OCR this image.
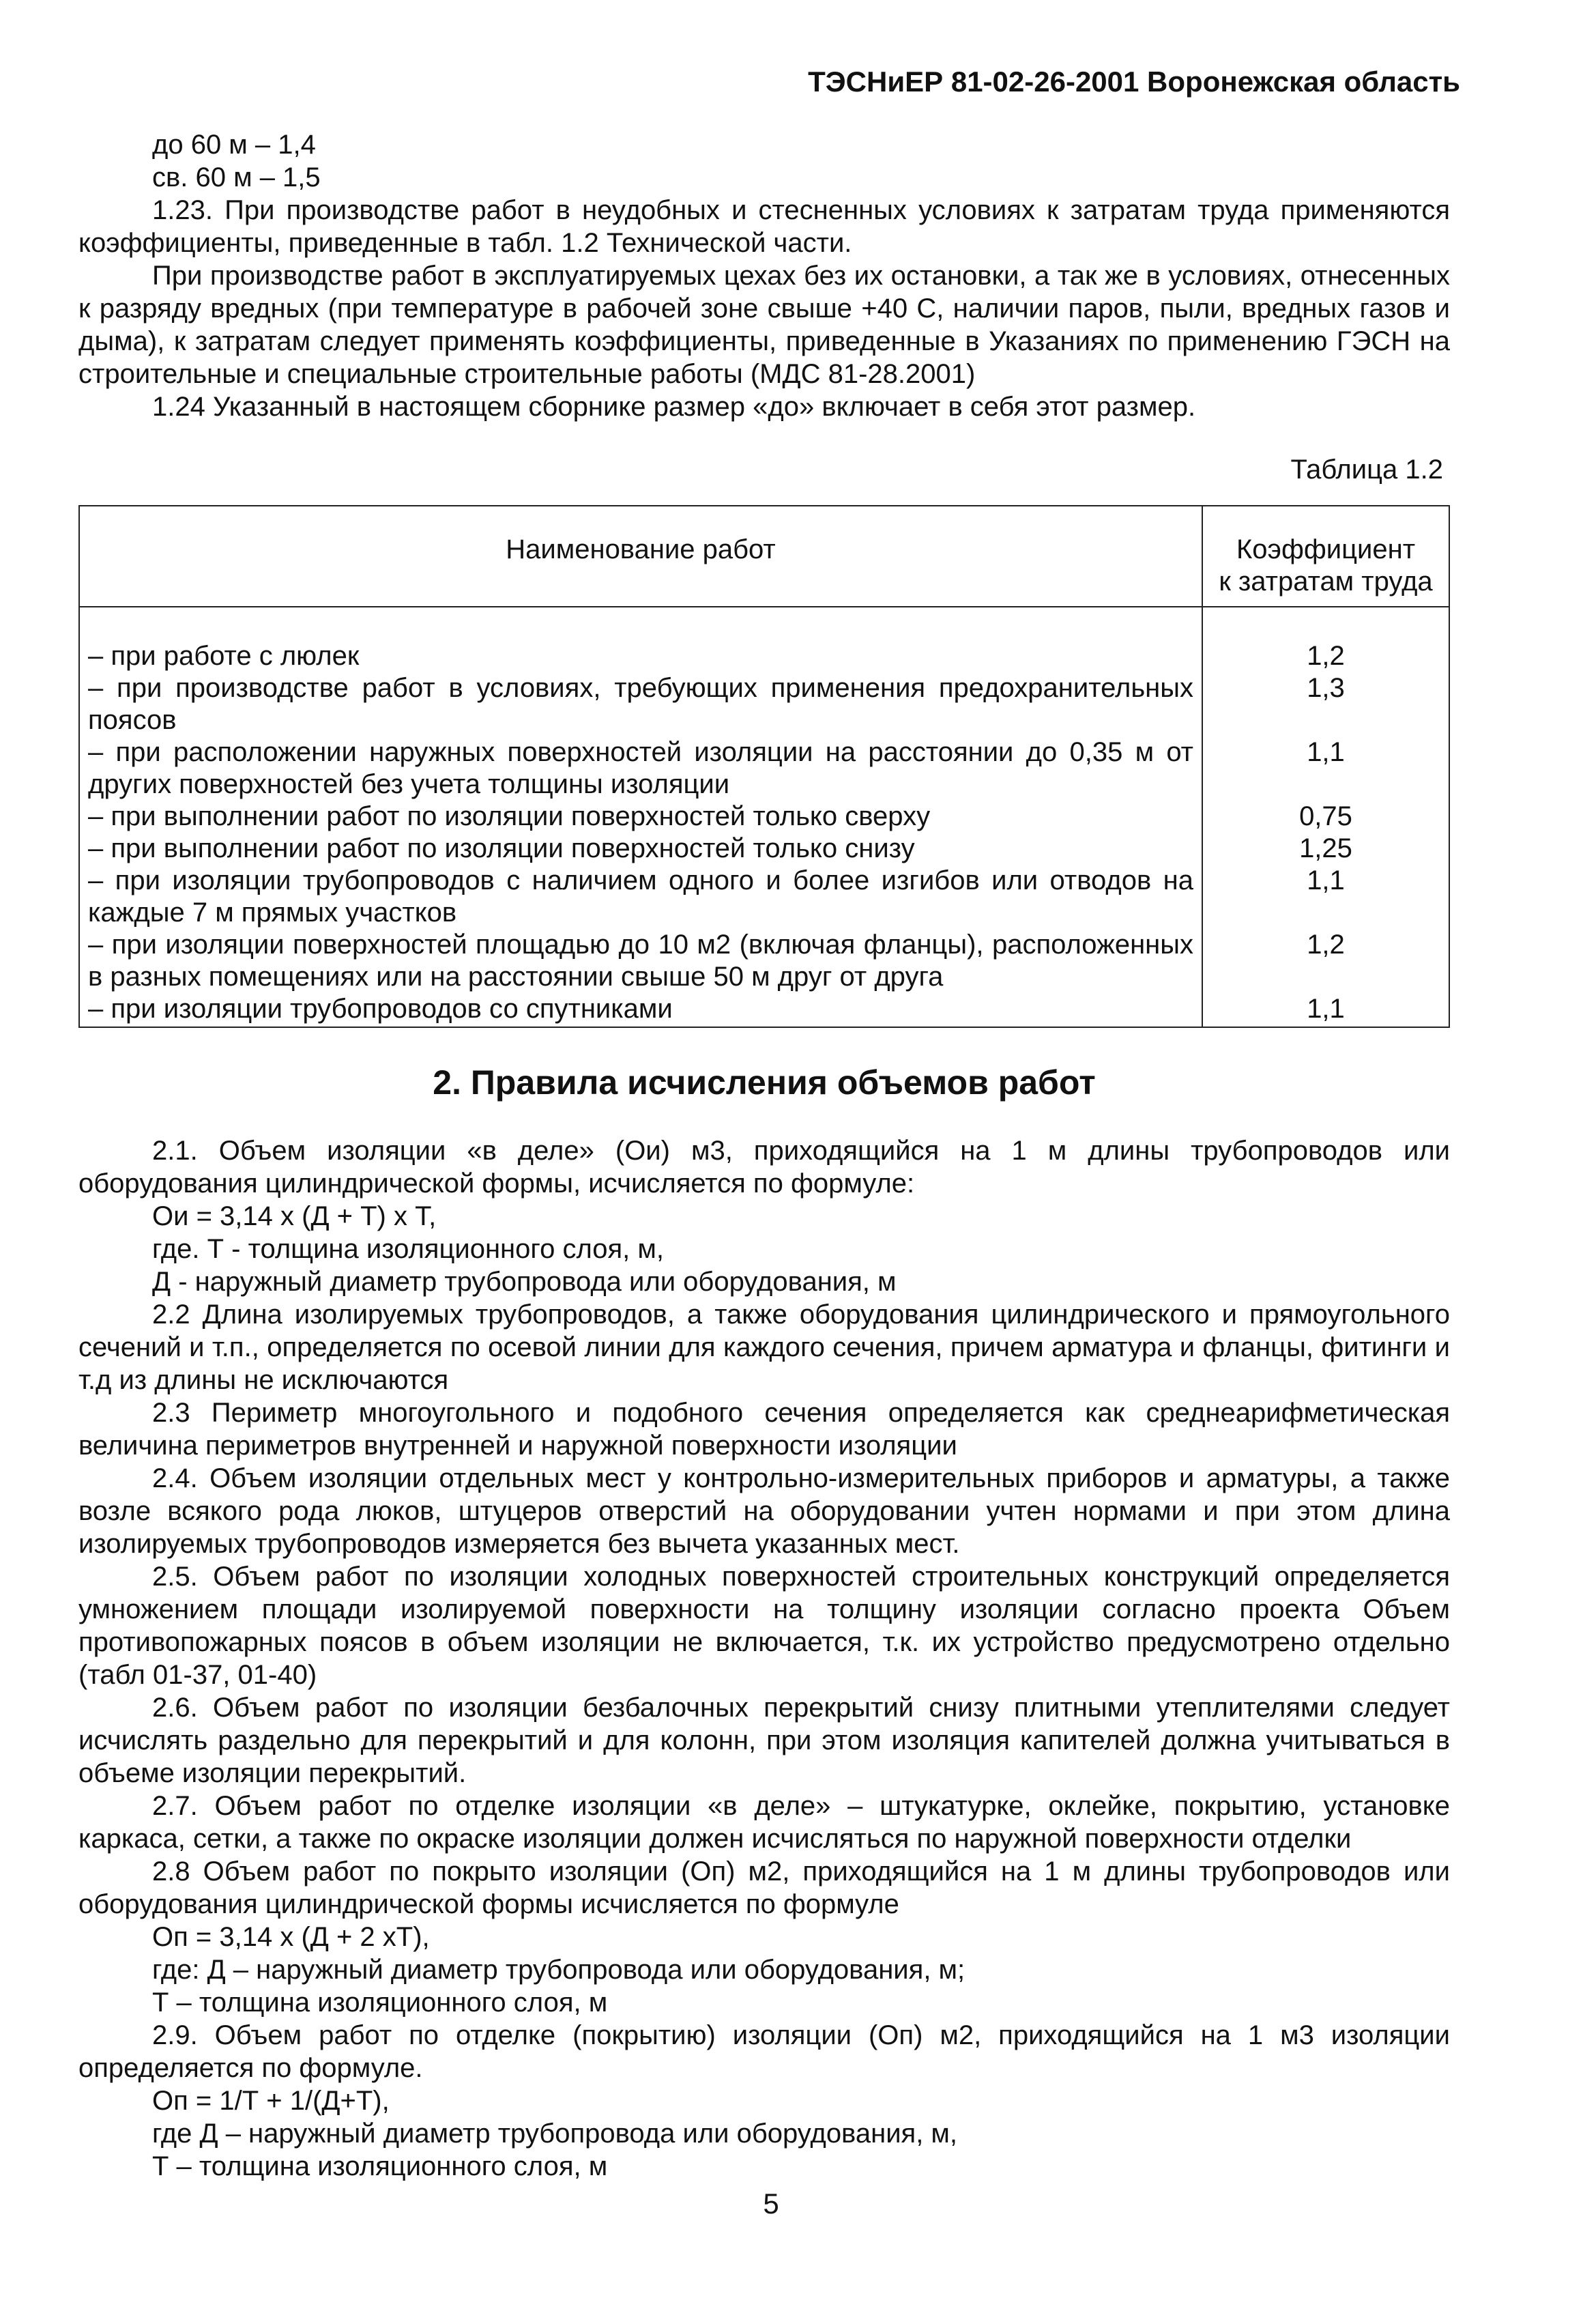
ТЭСНиЕР 81-02-26-2001 Воронежская область

до 60 м – 1,4

св. 60 м – 1,5

1.23. При производстве работ в неудобных и стесненных условиях к затратам труда применяются коэффициенты, приведенные в табл. 1.2 Технической части.

При производстве работ в эксплуатируемых цехах без их остановки, а так же в условиях, отнесенных к разряду вредных (при температуре в рабочей зоне свыше +40 С, наличии паров, пыли, вредных газов и дыма), к затратам следует применять коэффициенты, приведенные в Указаниях по применению ГЭСН на строительные и специальные строительные работы (МДС 81-28.2001)

1.24 Указанный в настоящем сборнике размер «до» включает в себя этот размер.

Таблица 1.2

Наименование работ	Коэффициент
к затратам труда
– при работе с люлек	1,2
– при производстве работ в условиях, требующих применения предохранительных поясов	1,3
– при расположении наружных поверхностей изоляции на расстоянии до 0,35 м от других поверхностей без учета толщины изоляции	1,1
– при выполнении работ по изоляции поверхностей только сверху	0,75
– при выполнении работ по изоляции поверхностей только снизу	1,25
– при изоляции трубопроводов с наличием одного и более изгибов или отводов на каждые 7 м прямых участков	1,1
– при изоляции поверхностей площадью до 10 м2 (включая фланцы), расположенных в разных помещениях или на расстоянии свыше 50 м друг от друга	1,2
– при изоляции трубопроводов со спутниками	1,1

2. Правила исчисления объемов работ

2.1. Объем изоляции «в деле» (Ои) м3, приходящийся на 1 м длины трубопроводов или оборудования цилиндрической формы, исчисляется по формуле:

Ои = 3,14 х (Д + Т) х Т,

где. Т - толщина изоляционного слоя, м,

Д - наружный диаметр трубопровода или оборудования, м

2.2 Длина изолируемых трубопроводов, а также оборудования цилиндрического и прямоугольного сечений и т.п., определяется по осевой линии для каждого сечения, причем арматура и фланцы, фитинги и т.д из длины не исключаются

2.3 Периметр многоугольного и подобного сечения определяется как среднеарифметическая величина периметров внутренней и наружной поверхности изоляции

2.4. Объем изоляции отдельных мест у контрольно-измерительных приборов и арматуры, а также возле всякого рода люков, штуцеров отверстий на оборудовании учтен нормами и при этом длина изолируемых трубопроводов измеряется без вычета указанных мест.

2.5. Объем работ по изоляции холодных поверхностей строительных конструкций определяется умножением площади изолируемой поверхности на толщину изоляции согласно проекта Объем противопожарных поясов в объем изоляции не включается, т.к. их устройство предусмотрено отдельно (табл 01-37, 01-40)

2.6. Объем работ по изоляции безбалочных перекрытий снизу плитными утеплителями следует исчислять раздельно для перекрытий и для колонн, при этом изоляция капителей должна учитываться в объеме изоляции перекрытий.

2.7. Объем работ по отделке изоляции «в деле» – штукатурке, оклейке, покрытию, установке каркаса, сетки, а также по окраске изоляции должен исчисляться по наружной поверхности отделки

2.8 Объем работ по покрыто изоляции (Оп) м2, приходящийся на 1 м длины трубопроводов или оборудования цилиндрической формы исчисляется по формуле

Оп = 3,14 х (Д + 2 хТ),

где: Д – наружный диаметр трубопровода или оборудования, м;

Т – толщина изоляционного слоя, м

2.9. Объем работ по отделке (покрытию) изоляции (Оп) м2, приходящийся на 1 м3 изоляции определяется по формуле.

Оп = 1/Т + 1/(Д+Т),

где Д – наружный диаметр трубопровода или оборудования, м,

Т – толщина изоляционного слоя, м

5
